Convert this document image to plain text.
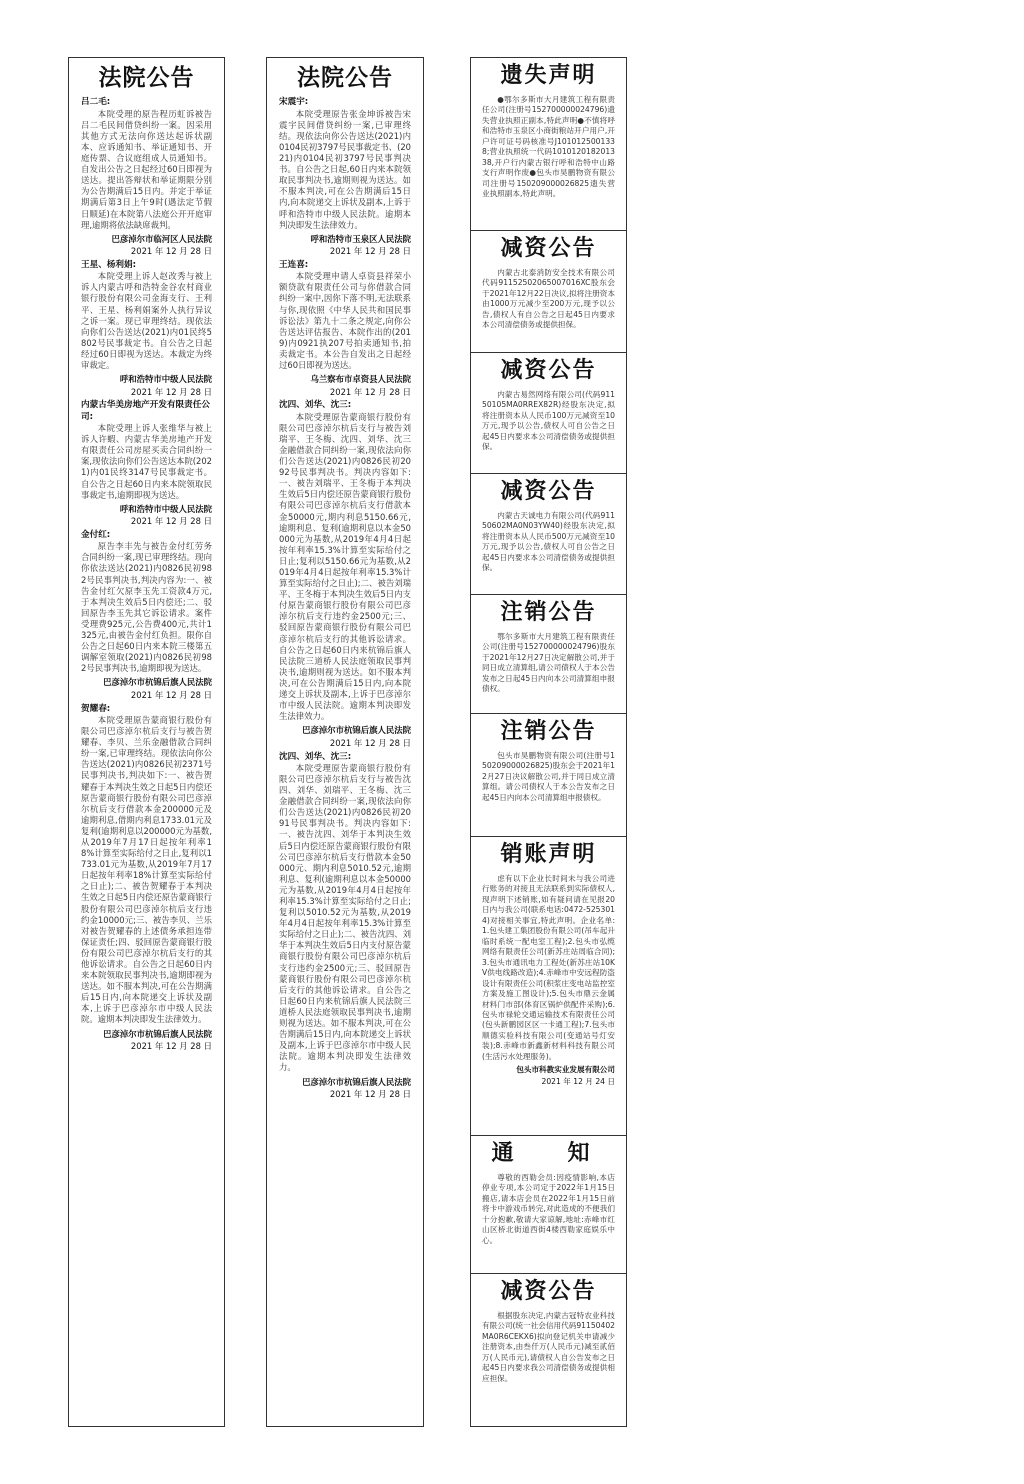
法院公告
吕二毛:
本院受理的原告程历虹诉被告吕二毛民间借贷纠纷一案。因采用其他方式无法向你送达起诉状副本、应诉通知书、举证通知书、开庭传票、合议庭组成人员通知书。自发出公告之日起经过60日即视为送达。提出答辩状和举证期限分别为公告期满后15日内。并定于举证期满后第3日上午9时(遇法定节假日顺延)在本院第八法庭公开开庭审理,逾期将依法缺席裁判。
巴彦淖尔市临河区人民法院
2021 年 12 月 28 日
王星、杨利娟:
本院受理上诉人赵改秀与被上诉人内蒙古呼和浩特金谷农村商业银行股份有限公司金海支行、王利平、王星、杨利娟案外人执行异议之诉一案。现已审理终结。现依法向你们公告送达(2021)内01民终5802号民事裁定书。自公告之日起经过60日即视为送达。本裁定为终审裁定。
呼和浩特市中级人民法院
2021 年 12 月 28 日
内蒙古华美房地产开发有限责任公司:
本院受理上诉人张维华与被上诉人许蝦、内蒙古华美房地产开发有限责任公司房屋买卖合同纠纷一案,现依法向你们公告送达本院(2021)内01民终3147号民事裁定书。自公告之日起60日内来本院领取民事裁定书,逾期即视为送达。
呼和浩特市中级人民法院
2021 年 12 月 28 日
金付红:
原告李丰先与被告金付红劳务合同纠纷一案,现已审理终结。现向你依法送达(2021)内0826民初982号民事判决书,判决内容为:一、被告金付红欠原李玉先工资款4万元,于本判决生效后5日内偿还;二、驳回原告李玉先其它诉讼请求。案件受理费925元,公告费400元,共计1325元,由被告金付红负担。限你自公告之日起60日内来本院三楼第五调解室领取(2021)内0826民初982号民事判决书,逾期即视为送达。
巴彦淖尔市杭锦后旗人民法院
2021 年 12 月 28 日
贺耀春:
本院受理原告蒙商银行股份有限公司巴彦淖尔杭后支行与被告贺耀春、李贝、兰乐金融借款合同纠纷一案,已审理终结。现依法向你公告送达(2021)内0826民初2371号民事判决书,判决如下:一、被告贺耀春于本判决生效之日起5日内偿还原告蒙商银行股份有限公司巴彦淖尔杭后支行借款本金200000元及逾期利息,借期内利息1733.01元及复利(逾期利息以200000元为基数,从2019年7月17日起按年利率18%计算至实际给付之日止,复利以1733.01元为基数,从2019年7月17日起按年利率18%计算至实际给付之日止);二、被告贺耀春于本判决生效之日起5日内偿还原告蒙商银行股份有限公司巴彦淖尔杭后支行违约金10000元;三、被告李贝、兰乐对被告贺耀春的上述债务承担连带保证责任;四、驳回原告蒙商银行股份有限公司巴彦淖尔杭后支行的其他诉讼请求。自公告之日起60日内来本院领取民事判决书,逾期即视为送达。如不服本判决,可在公告期满后15日内,向本院递交上诉状及副本,上诉于巴彦淖尔市中级人民法院。逾期本判决即发生法律效力。
巴彦淖尔市杭锦后旗人民法院
2021 年 12 月 28 日
法院公告
宋震宇:
本院受理原告张金坤诉被告宋震宇民间借贷纠纷一案,已审理终结。现依法向你公告送达(2021)内0104民初3797号民事裁定书、(2021)内0104民初3797号民事判决书。自公告之日起,60日内来本院领取民事判决书,逾期则视为送达。如不服本判决,可在公告期满后15日内,向本院递交上诉状及副本,上诉于呼和浩特市中级人民法院。逾期本判决即发生法律效力。
呼和浩特市玉泉区人民法院
2021 年 12 月 28 日
王连喜:
本院受理申请人卓资县祥荣小额贷款有限责任公司与你借款合同纠纷一案中,因你下落不明,无法联系与你,现依照《中华人民共和国民事诉讼法》第九十二条之规定,向你公告送达评估报告、本院作出的(2019)内0921执207号拍卖通知书,拍卖裁定书。本公告自发出之日起经过60日即视为送达。
乌兰察布市卓资县人民法院
2021 年 12 月 28 日
沈四、刘华、沈三:
本院受理原告蒙商银行股份有限公司巴彦淖尔杭后支行与被告刘瑞平、王冬梅、沈四、刘华、沈三金融借款合同纠纷一案,现依法向你们公告送达(2021)内0826民初2092号民事判决书。判决内容如下:一、被告刘瑞平、王冬梅于本判决生效后5日内偿还原告蒙商银行股份有限公司巴彦淖尔杭后支行借款本金50000元,期内利息5150.66元,逾期利息、复利(逾期利息以本金50000元为基数,从2019年4月4日起按年利率15.3%计算至实际给付之日止;复利以5150.66元为基数,从2019年4月4日起按年利率15.3%计算至实际给付之日止);二、被告刘瑞平、王冬梅于本判决生效后5日内支付原告蒙商银行股份有限公司巴彦淖尔杭后支行违约金2500元;三、驳回原告蒙商银行股份有限公司巴彦淖尔杭后支行的其他诉讼请求。自公告之日起60日内来杭锦后旗人民法院三道桥人民法庭领取民事判决书,逾期则视为送达。如不服本判决,可在公告期满后15日内,向本院递交上诉状及副本,上诉于巴彦淖尔市中级人民法院。逾期本判决即发生法律效力。
巴彦淖尔市杭锦后旗人民法院
2021 年 12 月 28 日
沈四、刘华、沈三:
本院受理原告蒙商银行股份有限公司巴彦淖尔杭后支行与被告沈四、刘华、刘瑞平、王冬梅、沈三金融借款合同纠纷一案,现依法向你们公告送达(2021)内0826民初2091号民事判决书。判决内容如下:一、被告沈四、刘华于本判决生效后5日内偿还原告蒙商银行股份有限公司巴彦淖尔杭后支行借款本金50000元、期内利息5010.52元,逾期利息、复利(逾期利息以本金50000元为基数,从2019年4月4日起按年利率15.3%计算至实际给付之日止;复利以5010.52元为基数,从2019年4月4日起按年利率15.3%计算至实际给付之日止);二、被告沈四、刘华于本判决生效后5日内支付原告蒙商银行股份有限公司巴彦淖尔杭后支行违约金2500元;三、驳回原告蒙商银行股份有限公司巴彦淖尔杭后支行的其他诉讼请求。自公告之日起60日内来杭锦后旗人民法院三道桥人民法庭领取民事判决书,逾期则视为送达。如不服本判决,可在公告期满后15日内,向本院递交上诉状及副本,上诉于巴彦淖尔市中级人民法院。逾期本判决即发生法律效力。
巴彦淖尔市杭锦后旗人民法院
2021 年 12 月 28 日
遗失声明
●鄂尔多斯市大月建筑工程有限责任公司(注册号152700000024796)遗失营业执照正副本,特此声明●不慎将呼和浩特市玉泉区小商街粮站开户用户,开户许可证号码核准号J1010125001338;营业执照统一代码101012018201338,开户行内蒙古银行呼和浩特中山路支行声明作废●包头市昊鹏物资有限公司注册号150209000026825遗失营业执照副本,特此声明。
减资公告
内蒙古北泰消防安全技术有限公司代码91152502065007016XC股东会于2021年12月22日决议,拟将注册资本由1000万元减少至200万元,现予以公告,债权人有自公告之日起45日内要求本公司清偿债务或提供担保。
减资公告
内蒙古易然网络有限公司(代码91150105MA0RREX82R)经股东决定,拟将注册资本从人民币100万元减资至10万元,现予以公告,债权人可自公告之日起45日内要求本公司清偿债务或提供担保。
减资公告
内蒙古天诚电力有限公司(代码91150602MA0N03YW40)经股东决定,拟将注册资本从人民币500万元减资至10万元,现予以公告,债权人可自公告之日起45日内要求本公司清偿债务或提供担保。
注销公告
鄂尔多斯市大月建筑工程有限责任公司(注册号152700000024796)股东于2021年12月27日决定解散公司,并于同日成立清算组,请公司债权人于本公告发布之日起45日内向本公司清算组申报债权。
注销公告
包头市昊鹏物资有限公司(注册号150209000026825)股东会于2021年12月27日决议解散公司,并于同日成立清算组。请公司债权人于本公告发布之日起45日内向本公司清算组申报债权。
销账声明
虑有以下企业长时间未与我公司进行账务的对接且无法联系到实际债权人,现声明下述销账,如有疑问请在见报20日内与我公司(联系电话:0472-5253014)对接相关事宜,特此声明。企业名单:1.包头建工集团股份有限公司(吊车起升临时系统一配电室工程);2.包头市弘缆网络有限责任公司(新苏庄站周临合同);3.包头市通讯电力工程处(新苏庄站10KV供电线路改造);4.赤峰市中安远程防盗设计有限责任公司(积浆庄变电站监控室方案及施工图设计);5.包头市鼎云金属材料门市部(体育区锅炉供配件采购);6.包头市禄轮交通运输技术有限责任公司(包头新鹏园区区一卡通工程);7.包头市顺德实验科技有限公司(变通站号灯安装);8.赤峰市新鑫新材料科技有限公司(生活污水处理服务)。
包头市科教实业发展有限公司
2021 年 12 月 24 日
通　知
尊敬的西勒会员:因疫情影响,本店停业专项,本公司定于2022年1月15日搬店,请本店会员在2022年1月15日前将卡中游戏币转完,对此造成的不便我们十分抱歉,敬请大家谅解,地址:赤峰市红山区桥北街道西街4楼西勒家庭娱乐中心。
减资公告
根据股东决定,内蒙古冠特农业科技有限公司(统一社会信用代码91150402MA0R6CEKX6)拟向登记机关申请减少注册资本,由叁仟万(人民币元)减至贰佰万(人民币元),请债权人自公告发布之日起45日内要求我公司清偿债务或提供相应担保。
